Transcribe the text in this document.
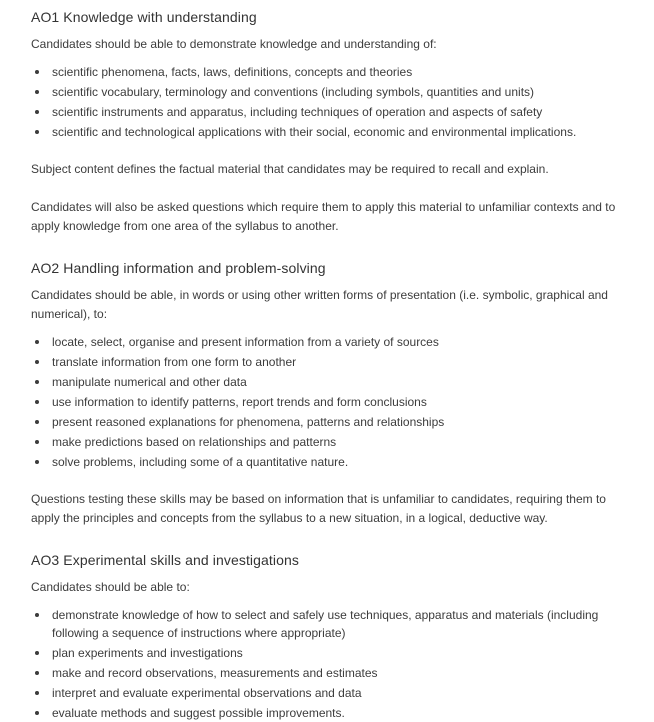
AO1 Knowledge with understanding

Candidates should be able to demonstrate knowledge and understanding of:

scientific phenomena, facts, laws, definitions, concepts and theories
scientific vocabulary, terminology and conventions (including symbols, quantities and units)
scientific instruments and apparatus, including techniques of operation and aspects of safety
scientific and technological applications with their social, economic and environmental implications.

Subject content defines the factual material that candidates may be required to recall and explain.

Candidates will also be asked questions which require them to apply this material to unfamiliar contexts and to apply knowledge from one area of the syllabus to another.

AO2 Handling information and problem-solving

Candidates should be able, in words or using other written forms of presentation (i.e. symbolic, graphical and numerical), to:

locate, select, organise and present information from a variety of sources
translate information from one form to another
manipulate numerical and other data
use information to identify patterns, report trends and form conclusions
present reasoned explanations for phenomena, patterns and relationships
make predictions based on relationships and patterns
solve problems, including some of a quantitative nature.

Questions testing these skills may be based on information that is unfamiliar to candidates, requiring them to apply the principles and concepts from the syllabus to a new situation, in a logical, deductive way.

AO3 Experimental skills and investigations

Candidates should be able to:

demonstrate knowledge of how to select and safely use techniques, apparatus and materials (including following a sequence of instructions where appropriate)
plan experiments and investigations
make and record observations, measurements and estimates
interpret and evaluate experimental observations and data
evaluate methods and suggest possible improvements.
